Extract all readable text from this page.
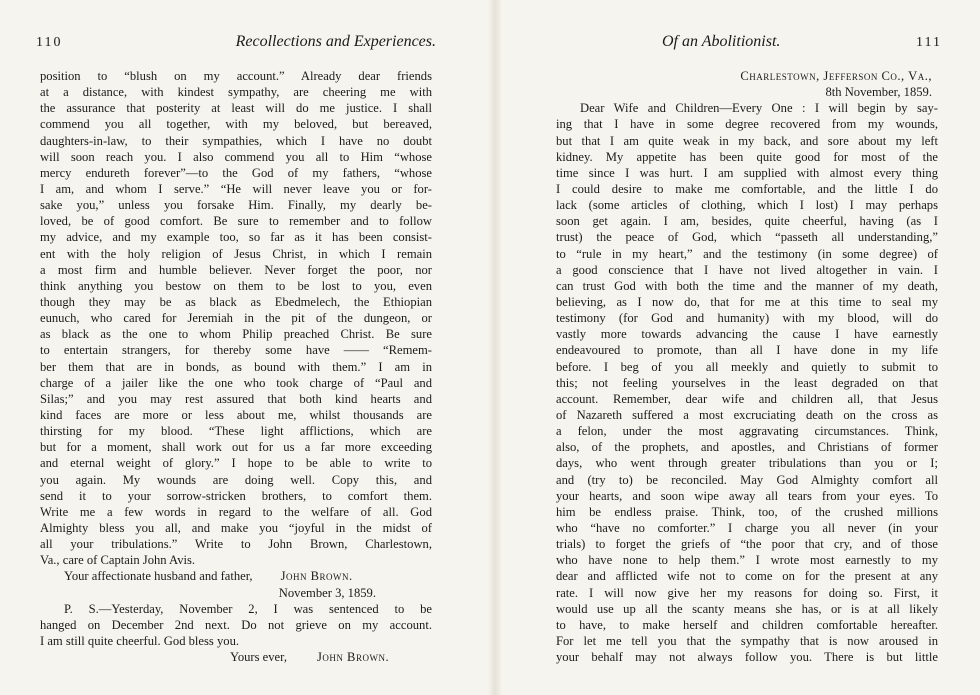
110	Recollections and Experiences.
position to “blush on my account.” Already dear friends
at a distance, with kindest sympathy, are cheering me with
the assurance that posterity at least will do me justice. I shall
commend you all together, with my beloved, but bereaved,
daughters-in-law, to their sympathies, which I have no doubt
will soon reach you. I also commend you all to Him “whose
mercy endureth forever”—to the God of my fathers, “whose
I am, and whom I serve.” “He will never leave you or for-
sake you,” unless you forsake Him. Finally, my dearly be-
loved, be of good comfort. Be sure to remember and to follow
my advice, and my example too, so far as it has been consist-
ent with the holy religion of Jesus Christ, in which I remain
a most firm and humble believer. Never forget the poor, nor
think anything you bestow on them to be lost to you, even
though they may be as black as Ebedmelech, the Ethiopian
eunuch, who cared for Jeremiah in the pit of the dungeon, or
as black as the one to whom Philip preached Christ. Be sure
to entertain strangers, for thereby some have —— “Remem-
ber them that are in bonds, as bound with them.” I am in
charge of a jailer like the one who took charge of “Paul and
Silas;” and you may rest assured that both kind hearts and
kind faces are more or less about me, whilst thousands are
thirsting for my blood. “These light afflictions, which are
but for a moment, shall work out for us a far more exceeding
and eternal weight of glory.” I hope to be able to write to
you again. My wounds are doing well. Copy this, and
send it to your sorrow-stricken brothers, to comfort them.
Write me a few words in regard to the welfare of all. God
Almighty bless you all, and make you “joyful in the midst of
all your tribulations.” Write to John Brown, Charlestown,
Va., care of Captain John Avis.
Your affectionate husband and father, John Brown.
November 3, 1859.
P. S.—Yesterday, November 2, I was sentenced to be
hanged on December 2nd next. Do not grieve on my account.
I am still quite cheerful. God bless you.
Yours ever, John Brown.
Of an Abolitionist.	111
Charlestown, Jefferson Co., Va.,
8th November, 1859.
Dear Wife and Children—Every One : I will begin by say-
ing that I have in some degree recovered from my wounds,
but that I am quite weak in my back, and sore about my left
kidney. My appetite has been quite good for most of the
time since I was hurt. I am supplied with almost every thing
I could desire to make me comfortable, and the little I do
lack (some articles of clothing, which I lost) I may perhaps
soon get again. I am, besides, quite cheerful, having (as I
trust) the peace of God, which “passeth all understanding,”
to “rule in my heart,” and the testimony (in some degree) of
a good conscience that I have not lived altogether in vain. I
can trust God with both the time and the manner of my death,
believing, as I now do, that for me at this time to seal my
testimony (for God and humanity) with my blood, will do
vastly more towards advancing the cause I have earnestly
endeavoured to promote, than all I have done in my life
before. I beg of you all meekly and quietly to submit to
this; not feeling yourselves in the least degraded on that
account. Remember, dear wife and children all, that Jesus
of Nazareth suffered a most excruciating death on the cross as
a felon, under the most aggravating circumstances. Think,
also, of the prophets, and apostles, and Christians of former
days, who went through greater tribulations than you or I;
and (try to) be reconciled. May God Almighty comfort all
your hearts, and soon wipe away all tears from your eyes. To
him be endless praise. Think, too, of the crushed millions
who “have no comforter.” I charge you all never (in your
trials) to forget the griefs of “the poor that cry, and of those
who have none to help them.” I wrote most earnestly to my
dear and afflicted wife not to come on for the present at any
rate. I will now give her my reasons for doing so. First, it
would use up all the scanty means she has, or is at all likely
to have, to make herself and children comfortable hereafter.
For let me tell you that the sympathy that is now aroused in
your behalf may not always follow you. There is but little
